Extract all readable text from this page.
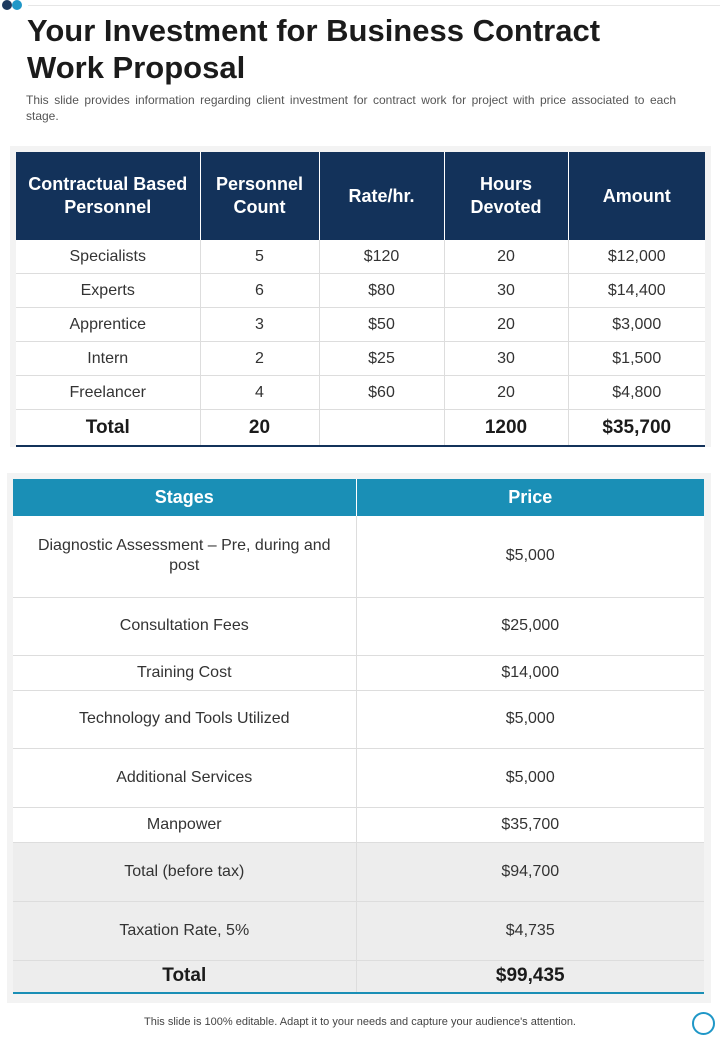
Your Investment for Business Contract
Work Proposal

This slide provides information regarding client investment for contract work for project with price associated to each stage.

Contractual Based Personnel	Personnel Count	Rate/hr.	Hours Devoted	Amount
Specialists	5	$120	20	$12,000
Experts	6	$80	30	$14,400
Apprentice	3	$50	20	$3,000
Intern	2	$25	30	$1,500
Freelancer	4	$60	20	$4,800
Total	20		1200	$35,700
Stages	Price
Diagnostic Assessment – Pre, during and post	$5,000
Consultation Fees	$25,000
Training Cost	$14,000
Technology and Tools Utilized	$5,000
Additional Services	$5,000
Manpower	$35,700
Total (before tax)	$94,700
Taxation Rate, 5%	$4,735
Total	$99,435
This slide is 100% editable. Adapt it to your needs and capture your audience's attention.
